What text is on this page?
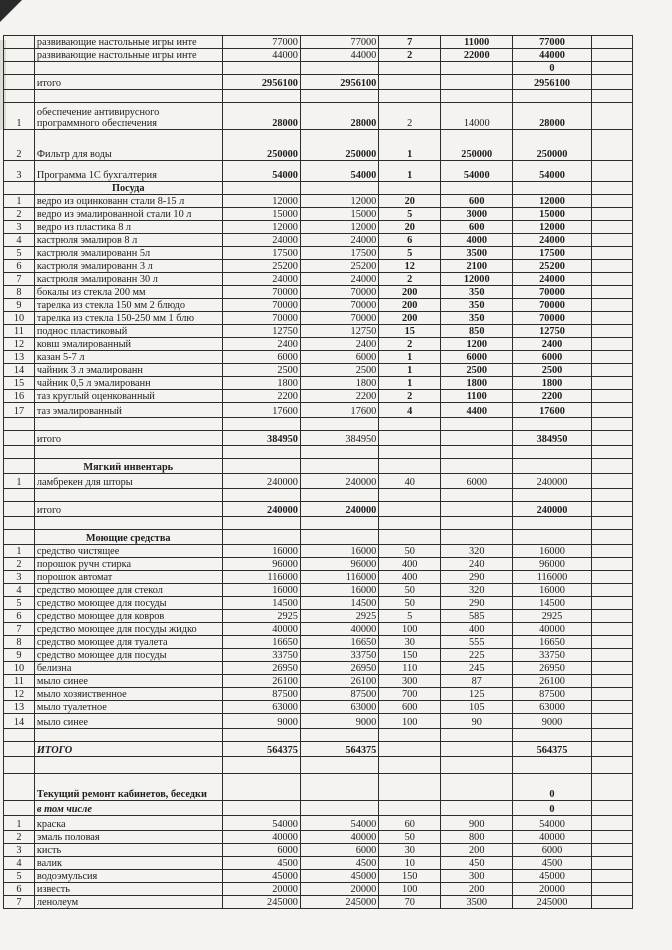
	развивающие настольные игры инте	77000	77000	7	11000	77000	
	развивающие настольные игры инте	44000	44000	2	22000	44000	
						0	
	итого	2956100	2956100			2956100	

1	обеспечение антивирусного программного обеспечения	28000	28000	2	14000	28000	
2	Фильтр для воды	250000	250000	1	250000	250000	
3	Программа 1С бухгалтерия	54000	54000	1	54000	54000	
	Посуда						
1	ведро из оцинкованн стали 8-15 л	12000	12000	20	600	12000	
2	ведро из эмалированной стали 10 л	15000	15000	5	3000	15000	
3	ведро из пластика 8 л	12000	12000	20	600	12000	
4	кастрюля эмалиров 8 л	24000	24000	6	4000	24000	
5	кастрюля эмалированн 5л	17500	17500	5	3500	17500	
6	кастрюля эмалированн 3 л	25200	25200	12	2100	25200	
7	кастрюля эмалированн 30 л	24000	24000	2	12000	24000	
8	бокалы из стекла 200 мм	70000	70000	200	350	70000	
9	тарелка из стекла 150 мм 2 блюдо	70000	70000	200	350	70000	
10	тарелка из стекла 150-250 мм 1 блю	70000	70000	200	350	70000	
11	поднос пластиковый	12750	12750	15	850	12750	
12	ковш эмалированный	2400	2400	2	1200	2400	
13	казан 5-7 л	6000	6000	1	6000	6000	
14	чайник 3 л эмалированн	2500	2500	1	2500	2500	
15	чайник 0,5 л эмалированн	1800	1800	1	1800	1800	
16	таз круглый оценкованный	2200	2200	2	1100	2200	
17	таз эмалированный	17600	17600	4	4400	17600	

	итого	384950	384950			384950	

	Мягкий инвентарь						
1	ламбрекен для шторы	240000	240000	40	6000	240000	

	итого	240000	240000			240000	

	Моющие средства						
1	средство чистящее	16000	16000	50	320	16000	
2	порошок ручн стирка	96000	96000	400	240	96000	
3	порошок автомат	116000	116000	400	290	116000	
4	средство моющее для стекол	16000	16000	50	320	16000	
5	средство моющее для посуды	14500	14500	50	290	14500	
6	средство моющее для ковров	2925	2925	5	585	2925	
7	средство моющее для посуды жидко	40000	40000	100	400	40000	
8	средство моющее для туалета	16650	16650	30	555	16650	
9	средство моющее для посуды	33750	33750	150	225	33750	
10	белизна	26950	26950	110	245	26950	
11	мыло синее	26100	26100	300	87	26100	
12	мыло хозяиственное	87500	87500	700	125	87500	
13	мыло туалетное	63000	63000	600	105	63000	
14	мыло синее	9000	9000	100	90	9000	

	ИТОГО	564375	564375			564375	

	Текущий ремонт кабинетов, беседки					0	
	в том числе					0	
1	краска	54000	54000	60	900	54000	
2	эмаль половая	40000	40000	50	800	40000	
3	кисть	6000	6000	30	200	6000	
4	валик	4500	4500	10	450	4500	
5	водоэмульсия	45000	45000	150	300	45000	
6	известь	20000	20000	100	200	20000	
7	ленолеум	245000	245000	70	3500	245000	
